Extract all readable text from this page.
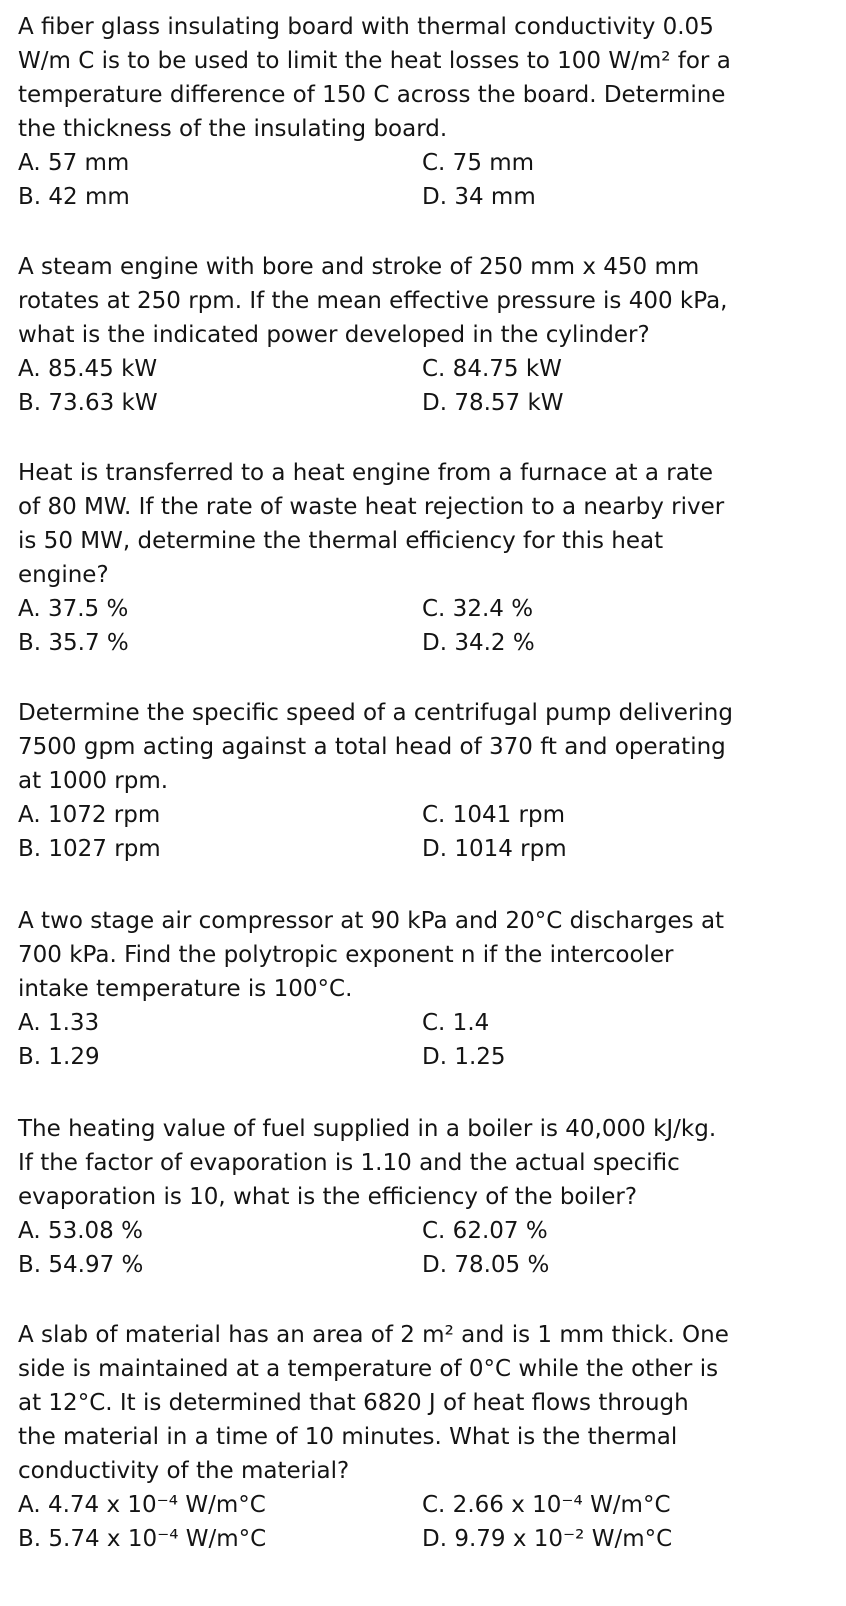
A fiber glass insulating board with thermal conductivity 0.05
W/m C is to be used to limit the heat losses to 100 W/m² for a
temperature difference of 150 C across the board. Determine
the thickness of the insulating board.

A. 57 mm	C. 75 mm
B. 42 mm	D. 34 mm

A steam engine with bore and stroke of 250 mm x 450 mm
rotates at 250 rpm. If the mean effective pressure is 400 kPa,
what is the indicated power developed in the cylinder?

A. 85.45 kW	C. 84.75 kW
B. 73.63 kW	D. 78.57 kW

Heat is transferred to a heat engine from a furnace at a rate
of 80 MW. If the rate of waste heat rejection to a nearby river
is 50 MW, determine the thermal efficiency for this heat
engine?

A. 37.5 %	C. 32.4 %
B. 35.7 %	D. 34.2 %

Determine the specific speed of a centrifugal pump delivering
7500 gpm acting against a total head of 370 ft and operating
at 1000 rpm.

A. 1072 rpm	C. 1041 rpm
B. 1027 rpm	D. 1014 rpm

A two stage air compressor at 90 kPa and 20°C discharges at
700 kPa. Find the polytropic exponent n if the intercooler
intake temperature is 100°C.

A. 1.33	C. 1.4
B. 1.29	D. 1.25

The heating value of fuel supplied in a boiler is 40,000 kJ/kg.
If the factor of evaporation is 1.10 and the actual specific
evaporation is 10, what is the efficiency of the boiler?

A. 53.08 %	C. 62.07 %
B. 54.97 %	D. 78.05 %

A slab of material has an area of 2 m² and is 1 mm thick. One
side is maintained at a temperature of 0°C while the other is
at 12°C. It is determined that 6820 J of heat flows through
the material in a time of 10 minutes. What is the thermal
conductivity of the material?

A. 4.74 x 10⁻⁴ W/m°C	C. 2.66 x 10⁻⁴ W/m°C
B. 5.74 x 10⁻⁴ W/m°C	D. 9.79 x 10⁻² W/m°C
